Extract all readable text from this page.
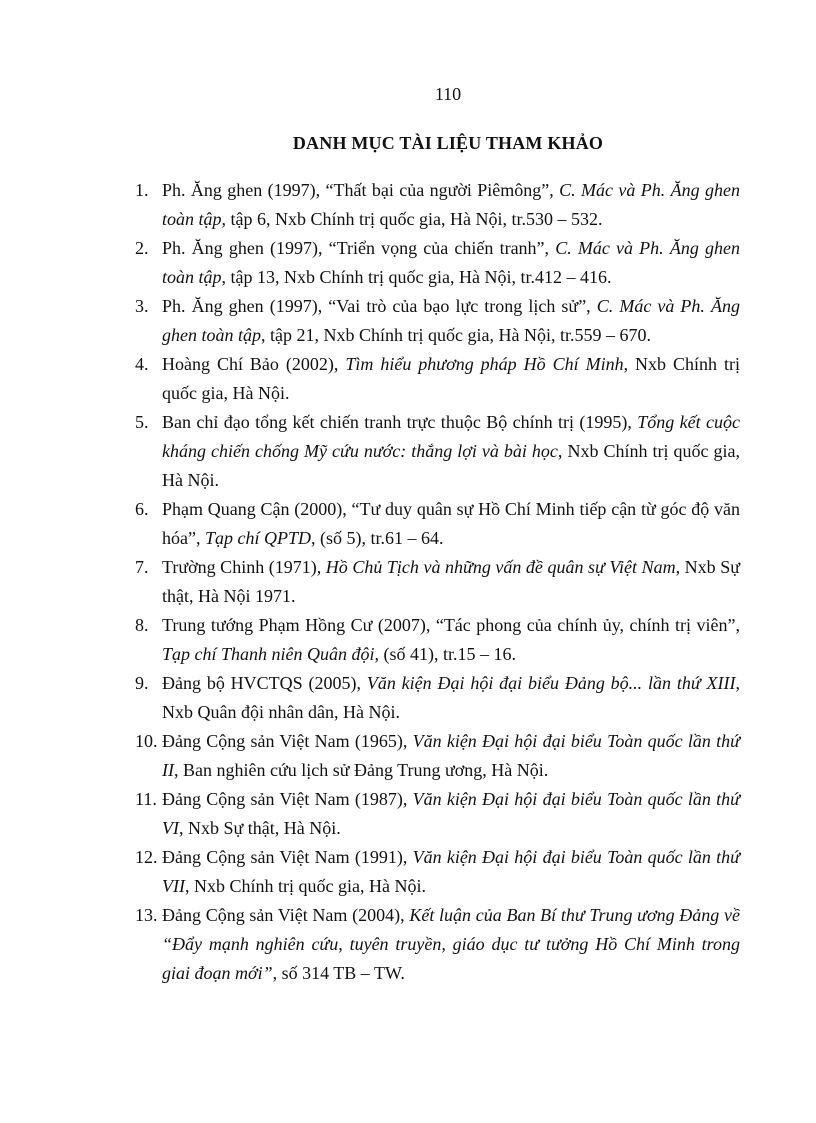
110
DANH MỤC TÀI LIỆU THAM KHẢO
1. Ph. Ăng ghen (1997), “Thất bại của người Piêmông”, C. Mác và Ph. Ăng ghen toàn tập, tập 6, Nxb Chính trị quốc gia, Hà Nội, tr.530 – 532.
2. Ph. Ăng ghen (1997), “Triển vọng của chiến tranh”, C. Mác và Ph. Ăng ghen toàn tập, tập 13, Nxb Chính trị quốc gia, Hà Nội, tr.412 – 416.
3. Ph. Ăng ghen (1997), “Vai trò của bạo lực trong lịch sử”, C. Mác và Ph. Ăng ghen toàn tập, tập 21, Nxb Chính trị quốc gia, Hà Nội, tr.559 – 670.
4. Hoàng Chí Bảo (2002), Tìm hiểu phương pháp Hồ Chí Minh, Nxb Chính trị quốc gia, Hà Nội.
5. Ban chỉ đạo tổng kết chiến tranh trực thuộc Bộ chính trị (1995), Tổng kết cuộc kháng chiến chống Mỹ cứu nước: thắng lợi và bài học, Nxb Chính trị quốc gia, Hà Nội.
6. Phạm Quang Cận (2000), “Tư duy quân sự Hồ Chí Minh tiếp cận từ góc độ văn hóa”, Tạp chí QPTD, (số 5), tr.61 – 64.
7. Trường Chinh (1971), Hồ Chủ Tịch và những vấn đề quân sự Việt Nam, Nxb Sự thật, Hà Nội 1971.
8. Trung tướng Phạm Hồng Cư (2007), “Tác phong của chính ủy, chính trị viên”, Tạp chí Thanh niên Quân đội, (số 41), tr.15 – 16.
9. Đảng bộ HVCTQS (2005), Văn kiện Đại hội đại biểu Đảng bộ... lần thứ XIII, Nxb Quân đội nhân dân, Hà Nội.
10. Đảng Cộng sản Việt Nam (1965), Văn kiện Đại hội đại biểu Toàn quốc lần thứ II, Ban nghiên cứu lịch sử Đảng Trung ương, Hà Nội.
11. Đảng Cộng sản Việt Nam (1987), Văn kiện Đại hội đại biểu Toàn quốc lần thứ VI, Nxb Sự thật, Hà Nội.
12. Đảng Cộng sản Việt Nam (1991), Văn kiện Đại hội đại biểu Toàn quốc lần thứ VII, Nxb Chính trị quốc gia, Hà Nội.
13. Đảng Cộng sản Việt Nam (2004), Kết luận của Ban Bí thư Trung ương Đảng về “Đẩy mạnh nghiên cứu, tuyên truyền, giáo dục tư tưởng Hồ Chí Minh trong giai đoạn mới”, số 314 TB – TW.
